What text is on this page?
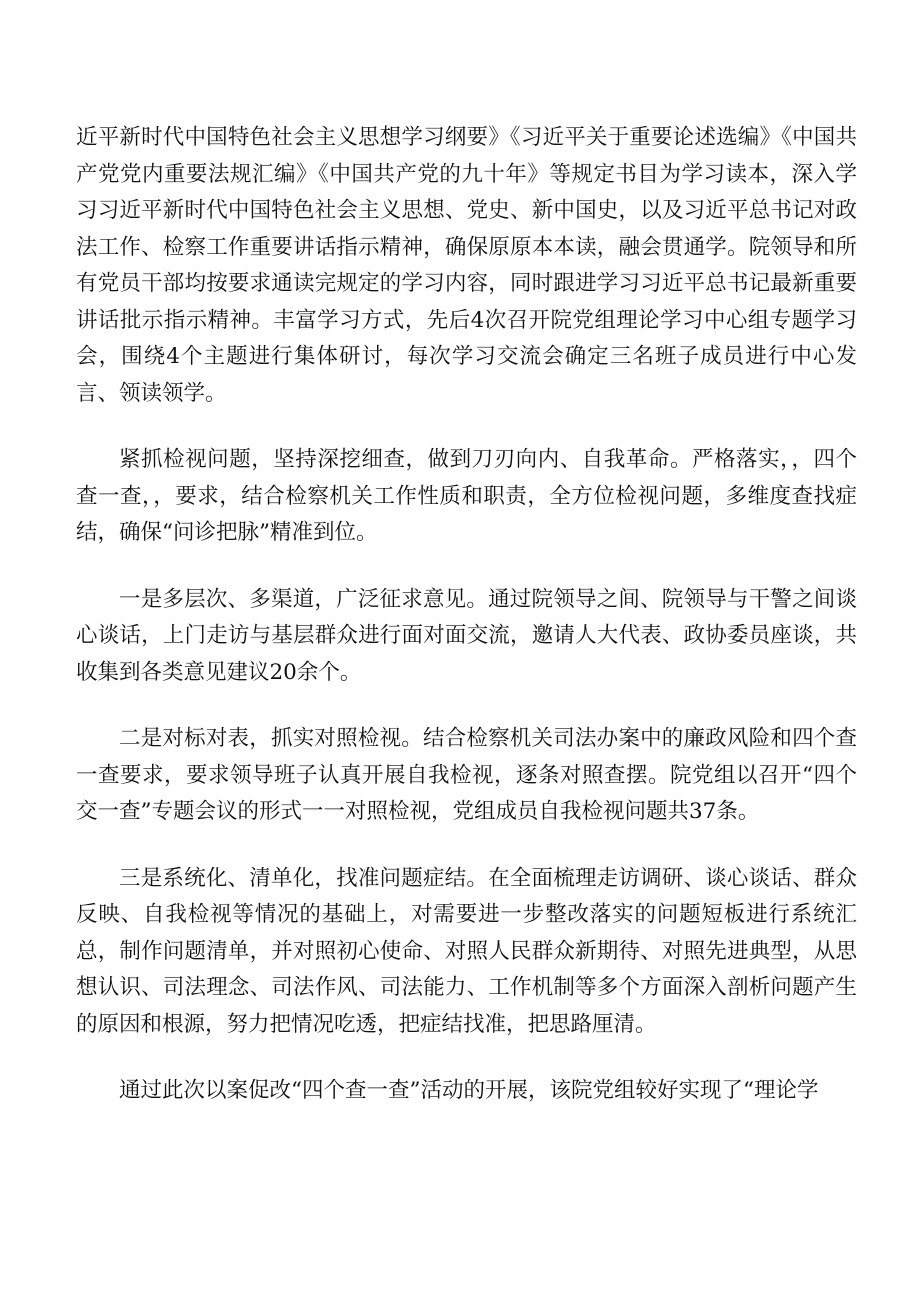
近平新时代中国特色社会主义思想学习纲要》《习近平关于重要论述选编》《中国共产党党内重要法规汇编》《中国共产党的九十年》等规定书目为学习读本，深入学习习近平新时代中国特色社会主义思想、党史、新中国史，以及习近平总书记对政法工作、检察工作重要讲话指示精神，确保原原本本读，融会贯通学。院领导和所有党员干部均按要求通读完规定的学习内容，同时跟进学习习近平总书记最新重要讲话批示指示精神。丰富学习方式，先后4次召开院党组理论学习中心组专题学习会，围绕4个主题进行集体研讨，每次学习交流会确定三名班子成员进行中心发言、领读领学。

紧抓检视问题，坚持深挖细查，做到刀刃向内、自我革命。严格落实，，四个查一查，，要求，结合检察机关工作性质和职责，全方位检视问题，多维度查找症结，确保“问诊把脉”精准到位。

一是多层次、多渠道，广泛征求意见。通过院领导之间、院领导与干警之间谈心谈话，上门走访与基层群众进行面对面交流，邀请人大代表、政协委员座谈，共收集到各类意见建议20余个。

二是对标对表，抓实对照检视。结合检察机关司法办案中的廉政风险和四个查一查要求，要求领导班子认真开展自我检视，逐条对照查摆。院党组以召开“四个交一查”专题会议的形式一一对照检视，党组成员自我检视问题共37条。

三是系统化、清单化，找准问题症结。在全面梳理走访调研、谈心谈话、群众反映、自我检视等情况的基础上，对需要进一步整改落实的问题短板进行系统汇总，制作问题清单，并对照初心使命、对照人民群众新期待、对照先进典型，从思想认识、司法理念、司法作风、司法能力、工作机制等多个方面深入剖析问题产生的原因和根源，努力把情况吃透，把症结找准，把思路厘清。

通过此次以案促改“四个查一查”活动的开展，该院党组较好实现了“理论学
